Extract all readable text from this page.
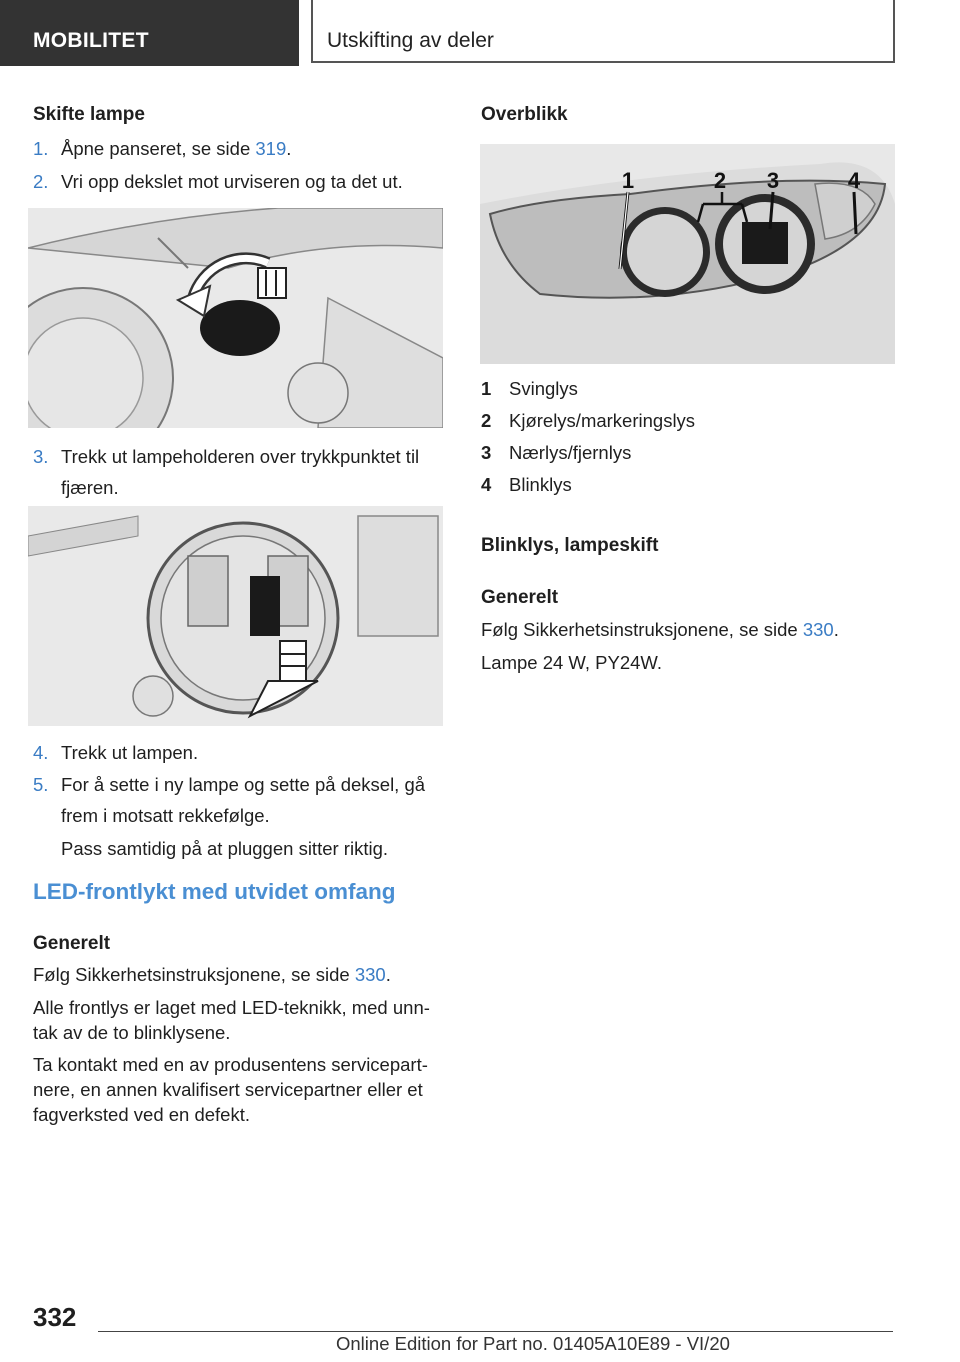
MOBILITET	Utskifting av deler
Skifte lampe
1. Åpne panseret, se side 319.
2. Vri opp dekslet mot urviseren og ta det ut.
3. Trekk ut lampeholderen over trykkpunktet til
fjæren.
4. Trekk ut lampen.
5. For å sette i ny lampe og sette på deksel, gå
frem i motsatt rekkefølge.
Pass samtidig på at pluggen sitter riktig.
LED-frontlykt med utvidet omfang
Generelt
Følg Sikkerhetsinstruksjonene, se side 330.
Alle frontlys er laget med LED-teknikk, med unn-
tak av de to blinklysene.
Ta kontakt med en av produsentens servicepart-
nere, en annen kvalifisert servicepartner eller et
fagverksted ved en defekt.
Overblikk
1	2 3	4
1 Svinglys
2 Kjørelys/markeringslys
3 Nærlys/fjernlys
4 Blinklys
Blinklys, lampeskift
Generelt
Følg Sikkerhetsinstruksjonene, se side 330.
Lampe 24 W, PY24W.
332
Online Edition for Part no. 01405A10E89 - VI/20
